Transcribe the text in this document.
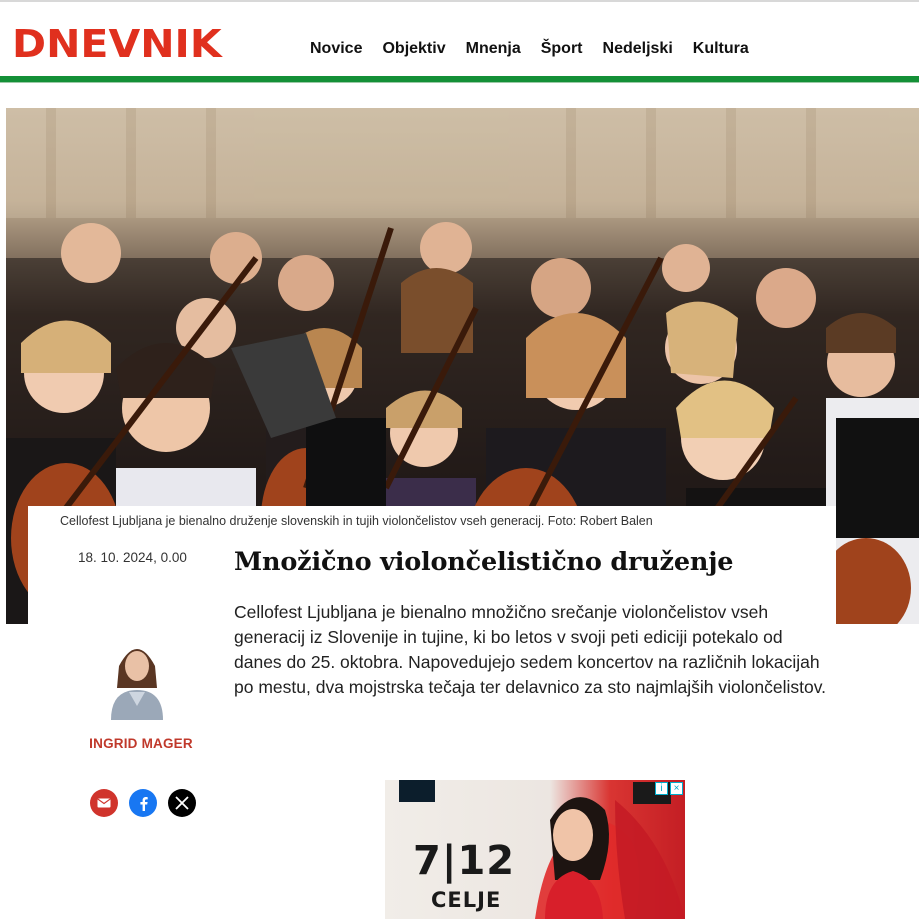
DNEVNIK	Novice Objektiv Mnenja Šport Nedeljski Kultura
Cellofest Ljubljana je bienalno druženje slovenskih in tujih violončelistov vseh generacij. Foto: Robert Balen
18. 10. 2024, 0.00 Množično violončelistično druženje

Cellofest Ljubljana je bienalno množično srečanje violončelistov vseh generacij iz Slovenije in tujine, ki bo letos v svoji peti ediciji potekalo od danes do 25. oktobra. Napovedujejo sedem koncertov na različnih lokacijah po mestu, dva mojstrska tečaja ter delavnico za sto najmlajših violončelistov.

INGRID MAGER
i	×
7|12
CELJE
